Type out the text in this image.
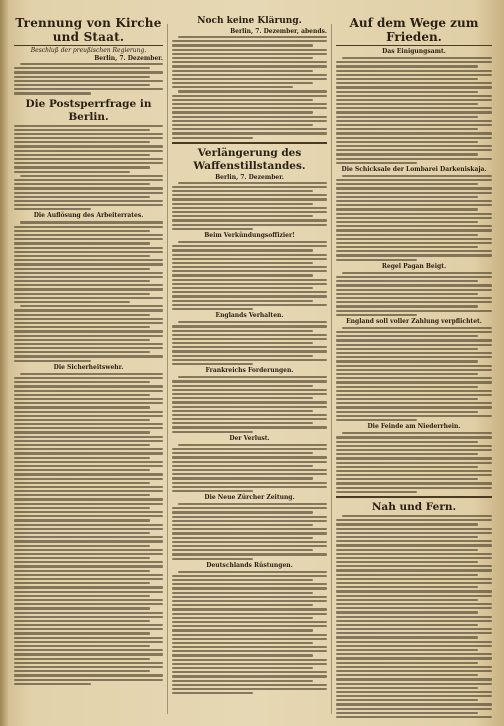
Trennung von Kirche und Staat.
Beschluß der preußischen Regierung.
Berlin, 7. Dezember.
Die Postsperrfrage in Berlin.
Die Auflösung des Arbeiterrates.
Die Sicherheitswehr.
Noch keine Klärung.
Berlin, 7. Dezember, abends.
Verlängerung des Waffenstillstandes.
Berlin, 7. Dezember.
Beim Verkündungsoffizier!
Englands Verhalten.
Frankreichs Forderungen.
Der Verlust.
Die Neue Zürcher Zeitung.
Deutschlands Rüstungen.
Auf dem Wege zum Frieden.
Das Einigungsamt.
Die Schicksale der Lombarei Darkeniskaja.
Regel Pagan Beigt.
England soll voller Zahlung verpflichtet.
Die Feinde am Niederrhein.
Nah und Fern.
